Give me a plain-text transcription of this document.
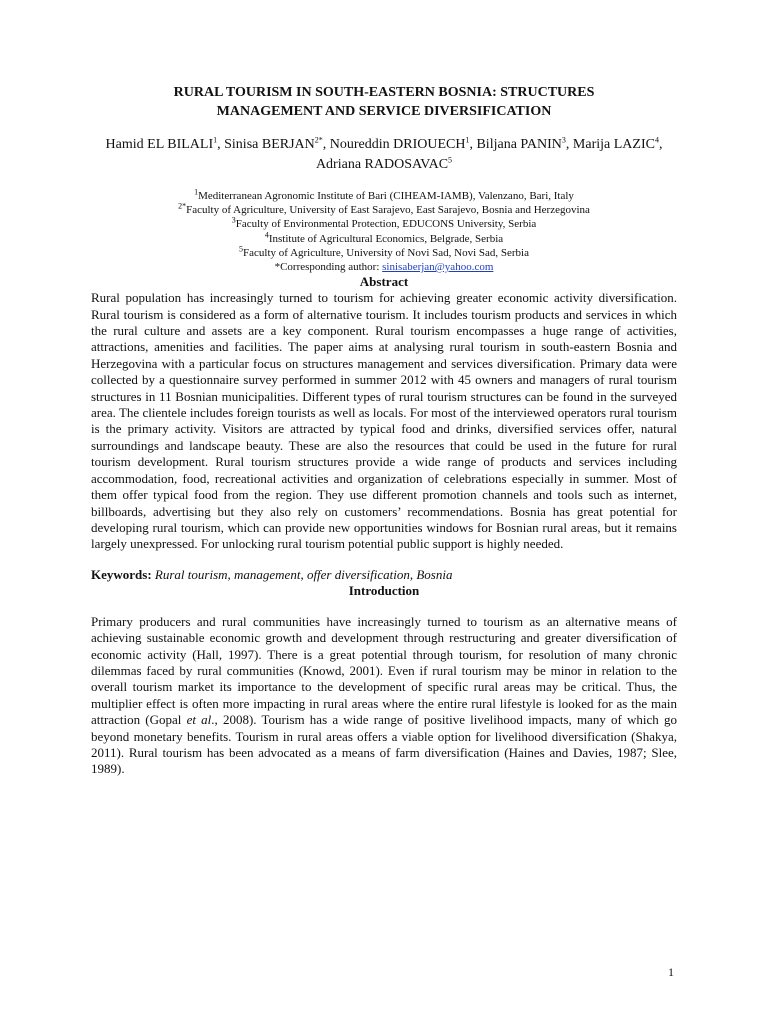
RURAL TOURISM IN SOUTH-EASTERN BOSNIA: STRUCTURES
MANAGEMENT AND SERVICE DIVERSIFICATION

Hamid EL BILALI$^1$, Sinisa $BERJAN^{2*}$, Noureddin DRIOUECH$^1$, Biljana PANIN$^3$, Marija LAZIC$^4$, Adriana RADOSAVAC$^5$

$^1$Mediterranean Agronomic Institute of Bari (CIHEAM-IAMB), Valenzano, Bari, Italy
$^{2*}$Faculty of Agriculture, University of East Sarajevo, East Sarajevo, Bosnia and Herzegovina
$^3$Faculty of Environmental Protection, EDUCONS University, Serbia
$^4$Institute of Agricultural Economics, Belgrade, Serbia
$^5$Faculty of Agriculture, University of Novi Sad, Novi Sad, Serbia
*Corresponding author: sinisaberjan@yahoo.com
Abstract

Rural population has increasingly turned to tourism for achieving greater economic activity diversification. Rural tourism is considered as a form of alternative tourism. It includes tourism products and services in which the rural culture and assets are a key component. Rural tourism encompasses a huge range of activities, attractions, amenities and facilities. The paper aims at analysing rural tourism in south-eastern Bosnia and Herzegovina with a particular focus on structures management and services diversification. Primary data were collected by a questionnaire survey performed in summer 2012 with 45 owners and managers of rural tourism structures in 11 Bosnian municipalities. Different types of rural tourism structures can be found in the surveyed area. The clientele includes foreign tourists as well as locals. For most of the interviewed operators rural tourism is the primary activity. Visitors are attracted by typical food and drinks, diversified services offer, natural surroundings and landscape beauty. These are also the resources that could be used in the future for rural tourism development. Rural tourism structures provide a wide range of products and services including accommodation, food, recreational activities and organization of celebrations especially in summer. Most of them offer typical food from the region. They use different promotion channels and tools such as internet, billboards, advertising but they also rely on customers’ recommendations. Bosnia has great potential for developing rural tourism, which can provide new opportunities windows for Bosnian rural areas, but it remains largely unexpressed. For unlocking rural tourism potential public support is highly needed.

Keywords: Rural tourism, management, offer diversification, Bosnia

Introduction

Primary producers and rural communities have increasingly turned to tourism as an alternative means of achieving sustainable economic growth and development through restructuring and greater diversification of economic activity (Hall, 1997). There is a great potential through tourism, for resolution of many chronic dilemmas faced by rural communities (Knowd, 2001). Even if rural tourism may be minor in relation to the overall tourism market its importance to the development of specific rural areas may be critical. Thus, the multiplier effect is often more impacting in rural areas where the entire rural lifestyle is looked for as the main attraction (Gopal et al., 2008). Tourism has a wide range of positive livelihood impacts, many of which go beyond monetary benefits. Tourism in rural areas offers a viable option for livelihood diversification (Shakya, 2011). Rural tourism has been advocated as a means of farm diversification (Haines and Davies, 1987; Slee, 1989).

1
